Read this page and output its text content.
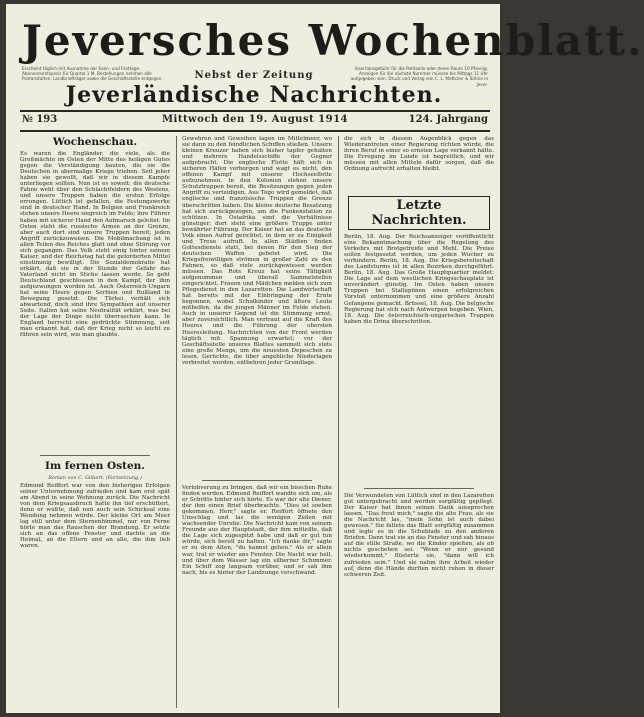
Jeversches Wochenblatt.
Erscheint täglich mit Ausnahme der Sonn- und Festtage. Abonnementspreis für Quartal 1 M. Bestellungen nehmen alle Postanstalten, Landbriefträger sowie die Geschäftsstelle entgegen.	Nebst der Zeitung
Insertionsgebühr für die Petitzeile oder deren Raum 10 Pfennig. Anzeigen für die nächste Nummer müssen bis Mittags 11 Uhr aufgegeben sein. Druck und Verlag von C. L. Mettcker & Söhne in Jever.
Jeverländische Nachrichten.
№ 193	Mittwoch den 19. August 1914	124. Jahrgang
Wochenschau.

Es waren die Engländer, die viele, als die Großmächte im Osten der Mitte des heiligen Gutes gegen die Verständigung bauten, die sie die Deutschen in abermalige Kriege trieben. Seit jeher haben sie gewollt, daß wir in diesem Kampfe unterliegen sollten. Nun ist es soweit: die deutsche Fahne weht über den Schlachtfeldern des Westens, und unsere Truppen haben die ersten Erfolge errungen. Lüttich ist gefallen, die Festungswerke sind in deutscher Hand. In Belgien und Frankreich stehen unsere Heere siegreich im Felde; ihre Führer haben mit sicherer Hand den Aufmarsch geleitet. Im Osten steht die russische Armee an der Grenze, aber auch dort sind unsere Truppen bereit, jeden Angriff zurückzuweisen. Die Mobilmachung ist in allen Teilen des Reiches glatt und ohne Störung vor sich gegangen. Das Volk steht einig hinter seinem Kaiser, und der Reichstag hat die geforderten Mittel einstimmig bewilligt. Die Sozialdemokratie hat erklärt, daß sie in der Stunde der Gefahr das Vaterland nicht im Stiche lassen werde. So geht Deutschland geschlossen in den Kampf, der ihm aufgezwungen worden ist. Auch Österreich-Ungarn hat seine Heere gegen Serbien und Rußland in Bewegung gesetzt. Die Türkei verhält sich abwartend, doch sind ihre Sympathien auf unserer Seite. Italien hat seine Neutralität erklärt, was bei der Lage der Dinge nicht überraschen kann. In England herrscht eine gedrückte Stimmung, seit man erkannt hat, daß der Krieg nicht so leicht zu führen sein wird, wie man glaubte.

Im fernen Osten.
Roman von C. Gilbert. (Fortsetzung.)

Edmund Reiffort war von den bisherigen Erfolgen seiner Unternehmung zufrieden und kam erst spät am Abend in seine Wohnung zurück. Die Nachricht von dem Kriegsausbruch hatte ihn tief erschüttert, denn er wußte, daß nun auch sein Schicksal eine Wendung nehmen würde. Der kleine Ort am Meer lag still unter dem Sternenhimmel, nur von Ferne hörte man das Rauschen der Brandung. Er setzte sich an das offene Fenster und dachte an die Heimat, an die Eltern und an alle, die ihm lieb waren.

Gewehren und Geweihen lagen im Mittelmeer, wo sie dann zu den feindlichen Schiffen stießen. Unsere kleinen Kreuzer haben sich bisher tapfer gehalten und mehrere Handelsschiffe der Gegner aufgebracht. Die englische Flotte hält sich in sicheren Häfen verborgen und wagt es nicht, den offenen Kampf mit unserer Hochseeflotte aufzunehmen. In den Kolonien stehen unsere Schutztruppen bereit, die Besitzungen gegen jeden Angriff zu verteidigen. Aus Togo wird gemeldet, daß englische und französische Truppen die Grenze überschritten haben. Die kleine deutsche Besatzung hat sich zurückgezogen, um die Funkenstation zu schützen. In Ostafrika sind die Verhältnisse günstiger; dort steht eine größere Truppe unter bewährter Führung. Der Kaiser hat an das deutsche Volk einen Aufruf gerichtet, in dem er zu Einigkeit und Treue aufruft. In allen Städten finden Gottesdienste statt, bei denen für den Sieg der deutschen Waffen gebetet wird. Die Kriegsfreiwilligen strömen in großer Zahl zu den Fahnen, so daß viele zurückgewiesen werden müssen. Das Rote Kreuz hat seine Tätigkeit aufgenommen und überall Sammelstellen eingerichtet. Frauen und Mädchen melden sich zum Pflegedienst in den Lazaretten. Die Landwirtschaft hat bereits mit der Einbringung der Ernte begonnen, wobei Schulkinder und ältere Leute mithelfen, da die jungen Männer im Felde stehen. Auch in unserer Gegend ist die Stimmung ernst, aber zuversichtlich. Man vertraut auf die Kraft des Heeres und die Führung der obersten Heeresleitung. Nachrichten von der Front werden täglich mit Spannung erwartet; vor der Geschäftsstelle unseres Blattes sammelt sich stets eine große Menge, um die neuesten Depeschen zu lesen. Gerüchte, die über angebliche Niederlagen verbreitet werden, entbehren jeder Grundlage.

Verlobverung zu bringen, daß wir ein bisschen Ruhe finden werden. Edmund Reiffort wandte sich um, als er Schritte hinter sich hörte. Es war der alte Diener, der ihm einen Brief überbrachte. "Dies ist soeben gekommen, Herr," sagte er. Reiffort öffnete den Umschlag und las die wenigen Zeilen mit wachsender Unruhe. Die Nachricht kam von seinem Freunde aus der Hauptstadt, der ihm mitteilte, daß die Lage sich zugespitzt habe und daß er gut tun würde, sich bereit zu halten. "Ich danke dir," sagte er zu dem Alten, "du kannst gehen." Als er allein war, trat er wieder ans Fenster. Die Nacht war hell, und über dem Wasser lag ein silberner Schimmer. Ein Schiff zog langsam vorüber, und er sah ihm nach, bis es hinter der Landzunge verschwand.

die sich in diesem Augenblick gegen das Wiederantreten einer Regierung richten würde, die ihren Beruf in einer so ernsten Lage verkannt hätte. Die Erregung im Lande ist begreiflich, und wir müssen mit allen Mitteln dafür sorgen, daß die Ordnung aufrecht erhalten bleibt.

Letzte Nachrichten.

Berlin, 18. Aug. Der Reichsanzeiger veröffentlicht eine Bekanntmachung über die Regelung des Verkehrs mit Brotgetreide und Mehl. Die Preise sollen festgesetzt werden, um jeden Wucher zu verhindern. Berlin, 18. Aug. Die Kriegsbereitschaft des Landsturms ist in allen Bezirken durchgeführt. Berlin, 18. Aug. Das Große Hauptquartier meldet: Die Lage auf dem westlichen Kriegsschauplatz ist unverändert günstig. Im Osten haben unsere Truppen bei Stallupönen einen erfolgreichen Vorstoß unternommen und eine größere Anzahl Gefangene gemacht. Brüssel, 18. Aug. Die belgische Regierung hat sich nach Antwerpen begeben. Wien, 18. Aug. Die österreichisch-ungarischen Truppen haben die Drina überschritten.

Die Verwundeten von Lüttich sind in den Lazaretten gut untergebracht und werden sorgfältig gepflegt. Der Kaiser hat ihnen seinen Dank aussprechen lassen. "Das freut mich," sagte die alte Frau, als sie die Nachricht las, "mein Sohn ist auch dabei gewesen." Sie faltete das Blatt sorgfältig zusammen und legte es in die Schublade zu den anderen Briefen. Dann trat sie an das Fenster und sah hinaus auf die stille Straße, wo die Kinder spielten, als ob nichts geschehen sei. "Wenn er nur gesund wiederkommt," flüsterte sie, "dann will ich zufrieden sein." Und sie nahm ihre Arbeit wieder auf, denn die Hände durften nicht ruhen in dieser schweren Zeit.
